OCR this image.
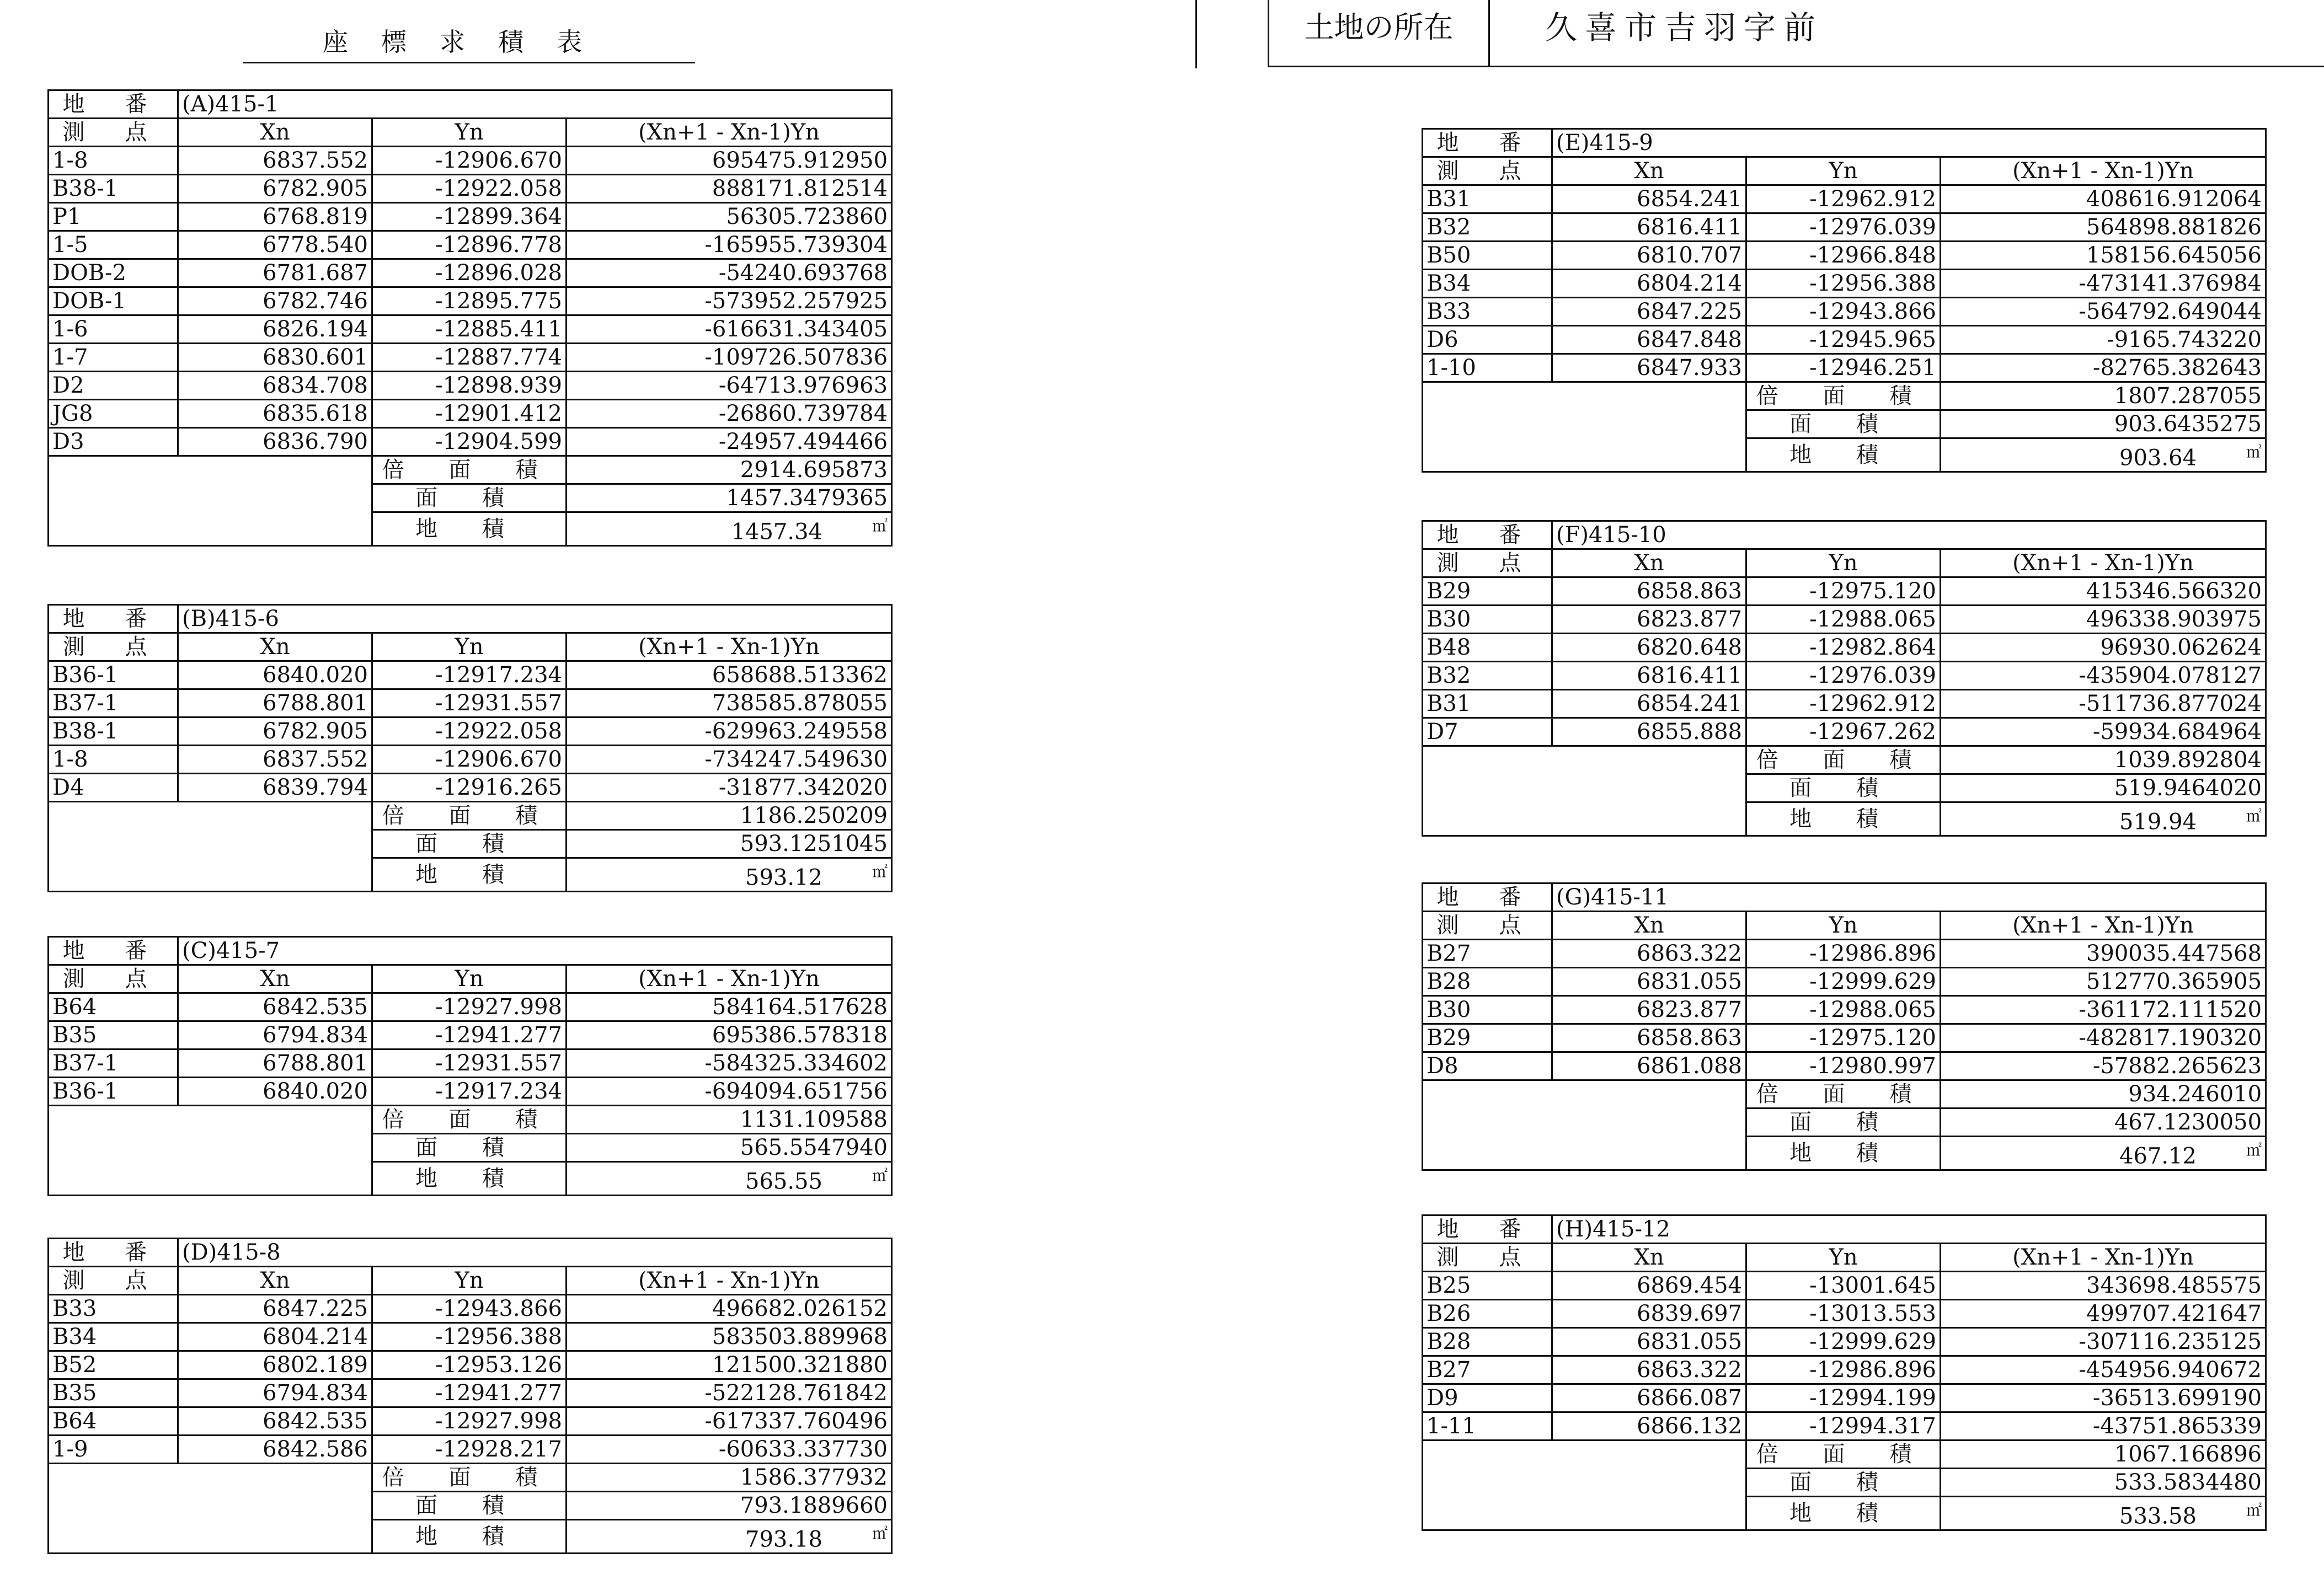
座標求積表	土地の所在	久喜市吉羽字前
地 番	(A)415-1		
測 点	Xn	Yn	(Xn+1 - Xn-1)Yn
1-8	6837.552	-12906.670	695475.912950
B38-1	6782.905	-12922.058	888171.812514
P1	6768.819	-12899.364	56305.723860
1-5	6778.540	-12896.778	-165955.739304
DOB-2	6781.687	-12896.028	-54240.693768
DOB-1	6782.746	-12895.775	-573952.257925
1-6	6826.194	-12885.411	-616631.343405
1-7	6830.601	-12887.774	-109726.507836
D2	6834.708	-12898.939	-64713.976963
JG8	6835.618	-12901.412	-26860.739784
D3	6836.790	-12904.599	-24957.494466
		倍 面 積	2914.695873
		面 積	1457.3479365
		地 積	1457.34 ㎡
地 番	(B)415-6		
測 点	Xn	Yn	(Xn+1 - Xn-1)Yn
B36-1	6840.020	-12917.234	658688.513362
B37-1	6788.801	-12931.557	738585.878055
B38-1	6782.905	-12922.058	-629963.249558
1-8	6837.552	-12906.670	-734247.549630
D4	6839.794	-12916.265	-31877.342020
		倍 面 積	1186.250209
		面 積	593.1251045
		地 積	593.12 ㎡
地 番	(C)415-7		
測 点	Xn	Yn	(Xn+1 - Xn-1)Yn
B64	6842.535	-12927.998	584164.517628
B35	6794.834	-12941.277	695386.578318
B37-1	6788.801	-12931.557	-584325.334602
B36-1	6840.020	-12917.234	-694094.651756
		倍 面 積	1131.109588
		面 積	565.5547940
		地 積	565.55 ㎡
地 番	(D)415-8		
測 点	Xn	Yn	(Xn+1 - Xn-1)Yn
B33	6847.225	-12943.866	496682.026152
B34	6804.214	-12956.388	583503.889968
B52	6802.189	-12953.126	121500.321880
B35	6794.834	-12941.277	-522128.761842
B64	6842.535	-12927.998	-617337.760496
1-9	6842.586	-12928.217	-60633.337730
		倍 面 積	1586.377932
		面 積	793.1889660
		地 積	793.18 ㎡
地 番	(E)415-9		
測 点	Xn	Yn	(Xn+1 - Xn-1)Yn
B31	6854.241	-12962.912	408616.912064
B32	6816.411	-12976.039	564898.881826
B50	6810.707	-12966.848	158156.645056
B34	6804.214	-12956.388	-473141.376984
B33	6847.225	-12943.866	-564792.649044
D6	6847.848	-12945.965	-9165.743220
1-10	6847.933	-12946.251	-82765.382643
		倍 面 積	1807.287055
		面 積	903.6435275
		地 積	903.64 ㎡
地 番	(F)415-10		
測 点	Xn	Yn	(Xn+1 - Xn-1)Yn
B29	6858.863	-12975.120	415346.566320
B30	6823.877	-12988.065	496338.903975
B48	6820.648	-12982.864	96930.062624
B32	6816.411	-12976.039	-435904.078127
B31	6854.241	-12962.912	-511736.877024
D7	6855.888	-12967.262	-59934.684964
		倍 面 積	1039.892804
		面 積	519.9464020
		地 積	519.94 ㎡
地 番	(G)415-11		
測 点	Xn	Yn	(Xn+1 - Xn-1)Yn
B27	6863.322	-12986.896	390035.447568
B28	6831.055	-12999.629	512770.365905
B30	6823.877	-12988.065	-361172.111520
B29	6858.863	-12975.120	-482817.190320
D8	6861.088	-12980.997	-57882.265623
		倍 面 積	934.246010
		面 積	467.1230050
		地 積	467.12 ㎡
地 番	(H)415-12		
測 点	Xn	Yn	(Xn+1 - Xn-1)Yn
B25	6869.454	-13001.645	343698.485575
B26	6839.697	-13013.553	499707.421647
B28	6831.055	-12999.629	-307116.235125
B27	6863.322	-12986.896	-454956.940672
D9	6866.087	-12994.199	-36513.699190
1-11	6866.132	-12994.317	-43751.865339
		倍 面 積	1067.166896
		面 積	533.5834480
		地 積	533.58 ㎡
